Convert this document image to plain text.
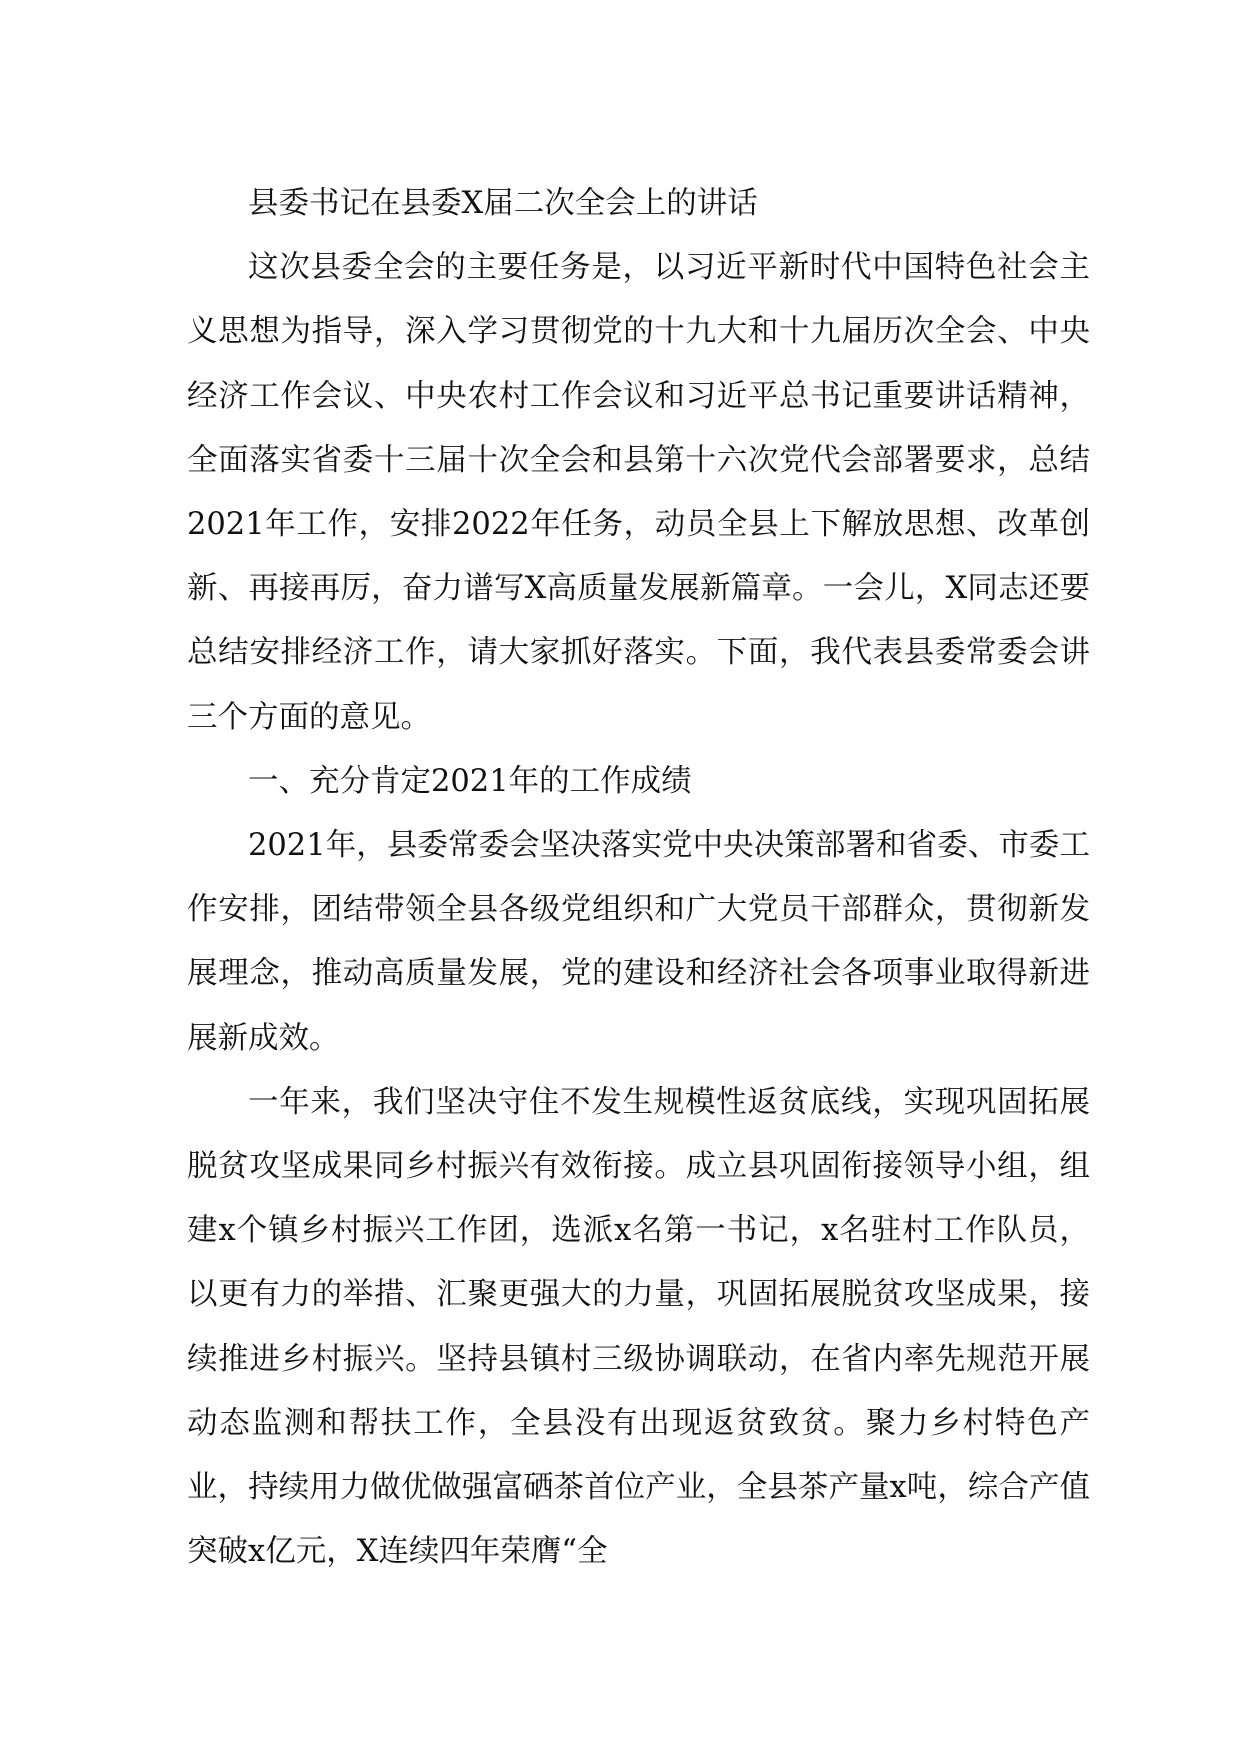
县委书记在县委X届二次全会上的讲话

这次县委全会的主要任务是，以习近平新时代中国特色社会主义思想为指导，深入学习贯彻党的十九大和十九届历次全会、中央经济工作会议、中央农村工作会议和习近平总书记重要讲话精神，全面落实省委十三届十次全会和县第十六次党代会部署要求，总结2021年工作，安排2022年任务，动员全县上下解放思想、改革创新、再接再厉，奋力谱写X高质量发展新篇章。一会儿，X同志还要总结安排经济工作，请大家抓好落实。下面，我代表县委常委会讲三个方面的意见。

一、充分肯定2021年的工作成绩

2021年，县委常委会坚决落实党中央决策部署和省委、市委工作安排，团结带领全县各级党组织和广大党员干部群众，贯彻新发展理念，推动高质量发展，党的建设和经济社会各项事业取得新进展新成效。

一年来，我们坚决守住不发生规模性返贫底线，实现巩固拓展脱贫攻坚成果同乡村振兴有效衔接。成立县巩固衔接领导小组，组建x个镇乡村振兴工作团，选派x名第一书记，x名驻村工作队员，以更有力的举措、汇聚更强大的力量，巩固拓展脱贫攻坚成果，接续推进乡村振兴。坚持县镇村三级协调联动，在省内率先规范开展动态监测和帮扶工作，全县没有出现返贫致贫。聚力乡村特色产业，持续用力做优做强富硒茶首位产业，全县茶产量x吨，综合产值突破x亿元，X连续四年荣膺“全
